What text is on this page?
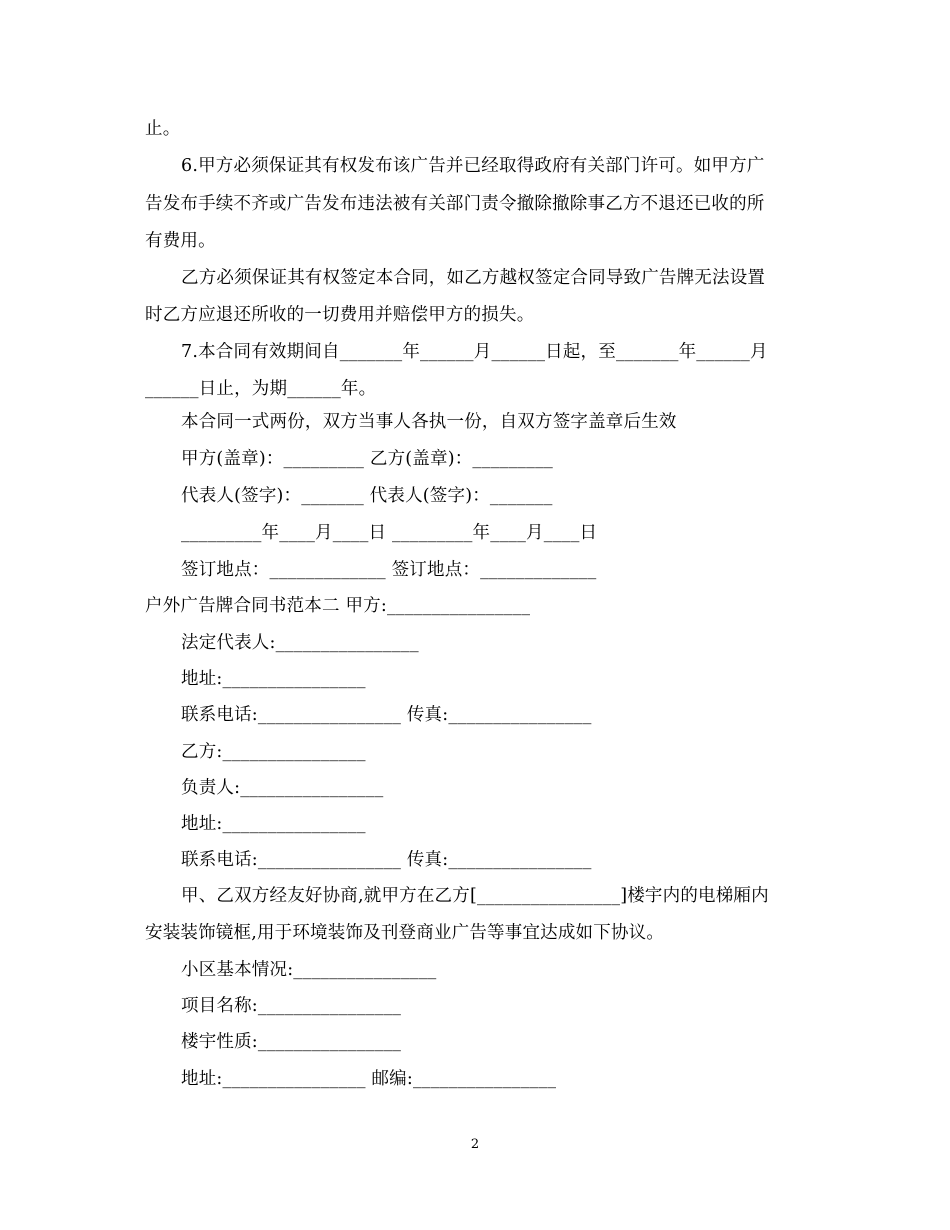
止。
6.甲方必须保证其有权发布该广告并已经取得政府有关部门许可。如甲方广
告发布手续不齐或广告发布违法被有关部门责令撤除撤除事乙方不退还已收的所
有费用。
乙方必须保证其有权签定本合同，如乙方越权签定合同导致广告牌无法设置
时乙方应退还所收的一切费用并赔偿甲方的损失。
7.本合同有效期间自_______年______月______日起，至_______年______月
______日止，为期______年。
本合同一式两份，双方当事人各执一份，自双方签字盖章后生效
甲方(盖章)：_________ 乙方(盖章)：_________
代表人(签字)：_______ 代表人(签字)：_______
_________年____月____日 _________年____月____日
签订地点：_____________ 签订地点：_____________
户外广告牌合同书范本二 甲方:________________
法定代表人:________________
地址:________________
联系电话:________________ 传真:________________
乙方:________________
负责人:________________
地址:________________
联系电话:________________ 传真:________________
甲、乙双方经友好协商,就甲方在乙方[________________]楼宇内的电梯厢内
安装装饰镜框,用于环境装饰及刊登商业广告等事宜达成如下协议。
小区基本情况:________________
项目名称:________________
楼宇性质:________________
地址:________________ 邮编:________________
2
